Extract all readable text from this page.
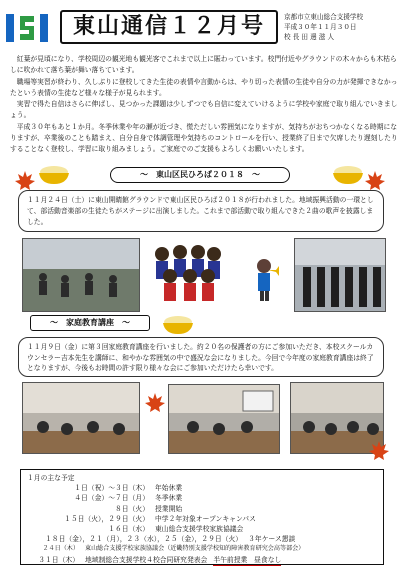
東山通信１２月号	京都市立東山総合支援学校
平成３０年１１月３０日
校 長 田 邊 滋 人

紅葉が見頃になり、学校周辺の観光地も観光客でこれまで以上に賑わっています。校門付近やグラウンドの木々からも木枯らしに吹かれて落ち葉が舞い落ちています。

職場等実習が終わり、久しぶりに登校してきた生徒の表情や言動からは、やり切った表情の生徒や自分の力が発揮できなかったという表情の生徒など様々な様子が見られます。

実習で得た自信はさらに伸ばし、見つかった課題は少しずつでも自信に変えていけるように学校や家庭で取り組んでいきましょう。

平成３０年もあと１か月。冬季休業や年の瀬が近づき、慌ただしい雰囲気になりますが、気持ちがおちつかなくなる時期になりますが、卒業後のことも踏まえ、自分自身で体調管理や気持ちのコントロールを行い、授業終了日まで欠席したり遅刻したりすることなく登校し、学習に取り組みましょう。ご家庭でのご支援もよろしくお願いいたします。

～　東山区民ひろば２０１８　～
１１月２４日（土）に東山開睛館グラウンドで東山区民ひろば２０１８が行われました。地域振興活動の一環として、部活動音楽部の生徒たちがステージに出演しました。これまで部活動で取り組んできた２曲の歌声を披露しました。
～　家庭教育講座　～
１１月９日（金）に第３回家庭教育講座を行いました。約２０名の保護者の方にご参加いただき、本校スクールカウンセラー吉本先生を講師に、和やかな雰囲気の中で盛況な会になりました。今回で今年度の家庭教育講座は終了となりますが、今後もお時間の許す限り様々な会にご参加いただけたら幸いです。
１月の主な予定
１日（祝）～３日（木） 年始休業
４日（金）～７日（月） 冬季休業
８日（火） 授業開始
１５日（火），２９日（火） 中学２年対象オープンキャンパス
１６日（水） 東山総合支援学校家族協議会
１８日（金），２１（月），２３（水），２５（金），２９日（火） ３年ケース懇談
２４日（木） 東山総合支援学校家族協議会（近畿特別支援学校知的障害教育研究会高等部会）
３１日（木） 地域制総合支援学校４校合同研究発表会 半午前授業　昼食なし
